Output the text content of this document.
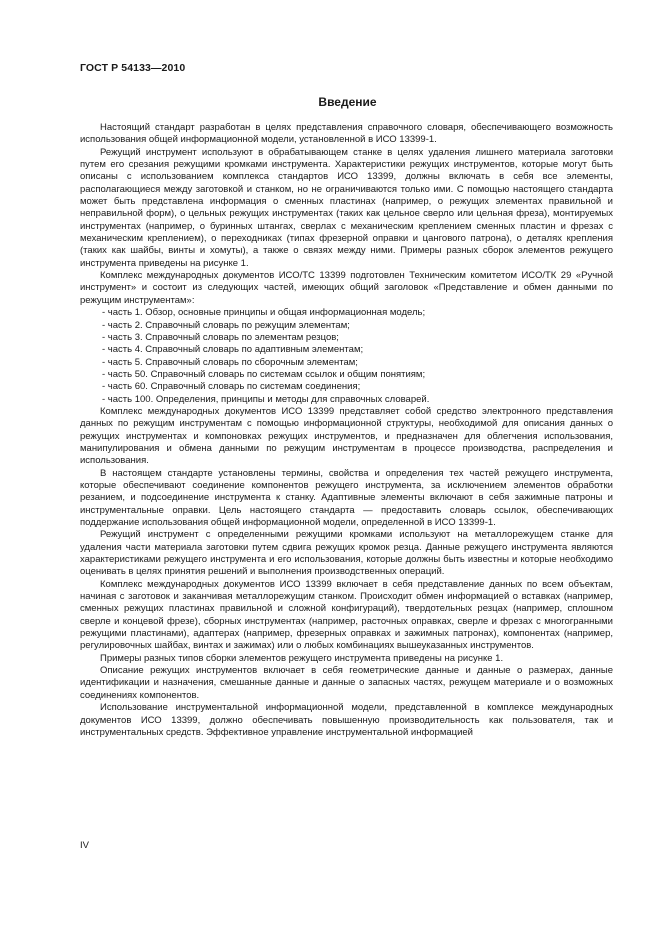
ГОСТ Р 54133—2010
Введение

Настоящий стандарт разработан в целях представления справочного словаря, обеспечивающего возможность использования общей информационной модели, установленной в ИСО 13399-1.

Режущий инструмент используют в обрабатывающем станке в целях удаления лишнего материала заготовки путем его срезания режущими кромками инструмента. Характеристики режущих инструментов, которые могут быть описаны с использованием комплекса стандартов ИСО 13399, должны включать в себя все элементы, располагающиеся между заготовкой и станком, но не ограничиваются только ими. С помощью настоящего стандарта может быть представлена информация о сменных пластинах (например, о режущих элементах правильной и неправильной форм), о цельных режущих инструментах (таких как цельное сверло или цельная фреза), монтируемых инструментах (например, о буринных штангах, сверлах с механическим креплением сменных пластин и фрезах с механическим креплением), о переходниках (типах фрезерной оправки и цангового патрона), о деталях крепления (таких как шайбы, винты и хомуты), а также о связях между ними. Примеры разных сборок элементов режущего инструмента приведены на рисунке 1.

Комплекс международных документов ИСО/ТС 13399 подготовлен Техническим комитетом ИСО/ТК 29 «Ручной инструмент» и состоит из следующих частей, имеющих общий заголовок «Представление и обмен данными по режущим инструментам»:

- часть 1. Обзор, основные принципы и общая информационная модель;
- часть 2. Справочный словарь по режущим элементам;
- часть 3. Справочный словарь по элементам резцов;
- часть 4. Справочный словарь по адаптивным элементам;
- часть 5. Справочный словарь по сборочным элементам;
- часть 50. Справочный словарь по системам ссылок и общим понятиям;
- часть 60. Справочный словарь по системам соединения;
- часть 100. Определения, принципы и методы для справочных словарей.

Комплекс международных документов ИСО 13399 представляет собой средство электронного представления данных по режущим инструментам с помощью информационной структуры, необходимой для описания данных о режущих инструментах и компоновках режущих инструментов, и предназначен для облегчения использования, манипулирования и обмена данными по режущим инструментам в процессе производства, распределения и использования.

В настоящем стандарте установлены термины, свойства и определения тех частей режущего инструмента, которые обеспечивают соединение компонентов режущего инструмента, за исключением элементов обработки резанием, и подсоединение инструмента к станку. Адаптивные элементы включают в себя зажимные патроны и инструментальные оправки. Цель настоящего стандарта — предоставить словарь ссылок, обеспечивающих поддержание использования общей информационной модели, определенной в ИСО 13399-1.

Режущий инструмент с определенными режущими кромками используют на металлорежущем станке для удаления части материала заготовки путем сдвига режущих кромок резца. Данные режущего инструмента являются характеристиками режущего инструмента и его использования, которые должны быть известны и которые необходимо оценивать в целях принятия решений и выполнения производственных операций.

Комплекс международных документов ИСО 13399 включает в себя представление данных по всем объектам, начиная с заготовок и заканчивая металлорежущим станком. Происходит обмен информацией о вставках (например, сменных режущих пластинах правильной и сложной конфигураций), твердотельных резцах (например, сплошном сверле и концевой фрезе), сборных инструментах (например, расточных оправках, сверле и фрезах с многогранными режущими пластинами), адаптерах (например, фрезерных оправках и зажимных патронах), компонентах (например, регулировочных шайбах, винтах и зажимах) или о любых комбинациях вышеуказанных инструментов.

Примеры разных типов сборки элементов режущего инструмента приведены на рисунке 1.

Описание режущих инструментов включает в себя геометрические данные и данные о размерах, данные идентификации и назначения, смешанные данные и данные о запасных частях, режущем материале и о возможных соединениях компонентов.

Использование инструментальной информационной модели, представленной в комплексе международных документов ИСО 13399, должно обеспечивать повышенную производительность как пользователя, так и инструментальных средств. Эффективное управление инструментальной информацией

IV
